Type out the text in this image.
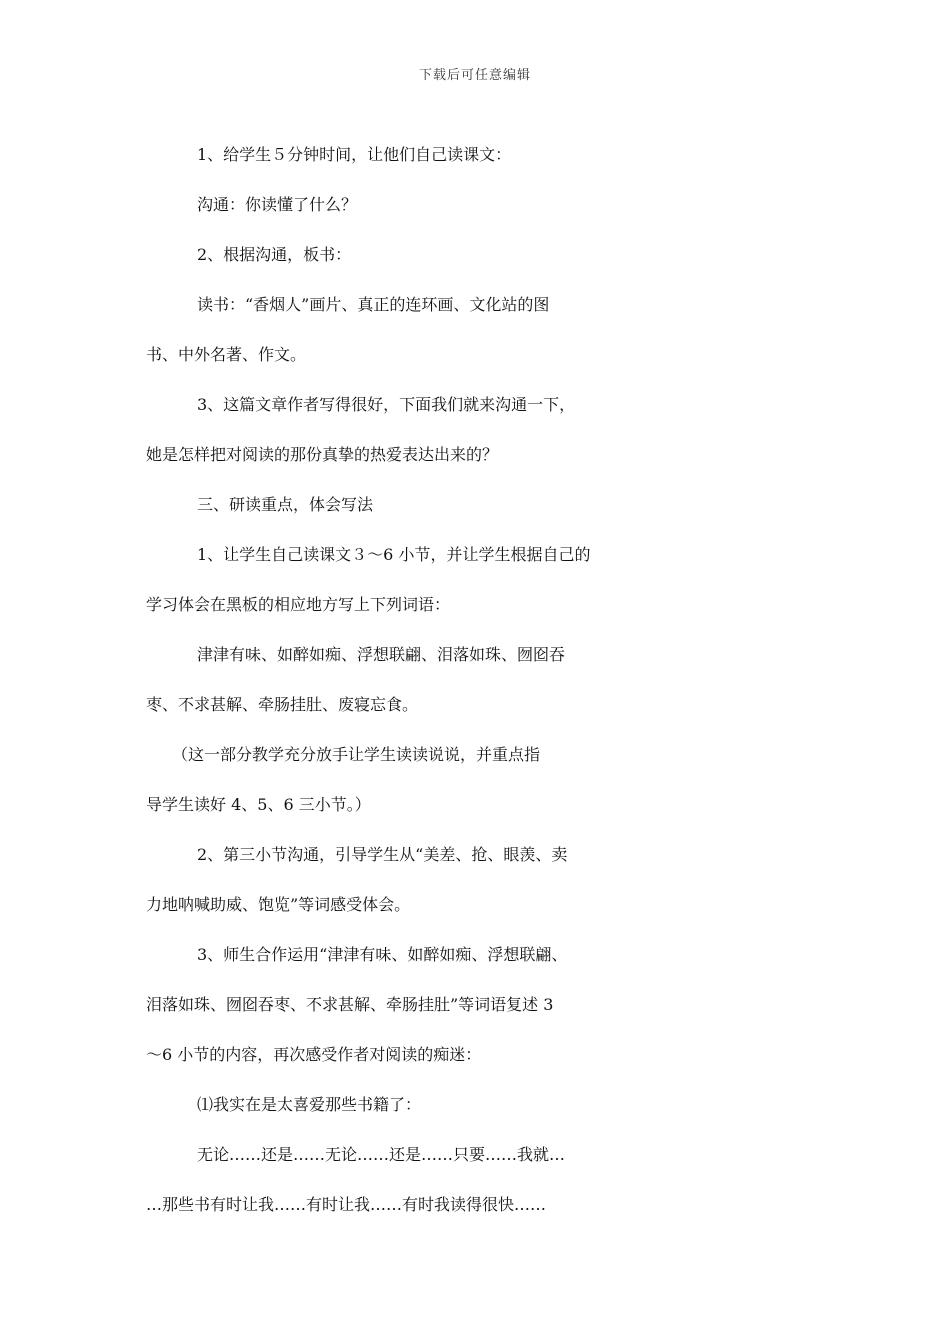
下载后可任意编辑
1、给学生５分钟时间，让他们自己读课文：
沟通：你读懂了什么？
2、根据沟通，板书：
读书：“香烟人”画片、真正的连环画、文化站的图
书、中外名著、作文。
3、这篇文章作者写得很好，下面我们就来沟通一下，
她是怎样把对阅读的那份真挚的热爱表达出来的？
三、研读重点，体会写法
1、让学生自己读课文３～6 小节，并让学生根据自己的
学习体会在黑板的相应地方写上下列词语：
津津有味、如醉如痴、浮想联翩、泪落如珠、囫囵吞
枣、不求甚解、牵肠挂肚、废寝忘食。
（这一部分教学充分放手让学生读读说说，并重点指
导学生读好 4、5、6 三小节。）
2、第三小节沟通，引导学生从“美差、抢、眼羡、卖
力地呐喊助威、饱览”等词感受体会。
3、师生合作运用“津津有味、如醉如痴、浮想联翩、
泪落如珠、囫囵吞枣、不求甚解、牵肠挂肚”等词语复述 3
～6 小节的内容，再次感受作者对阅读的痴迷：
⑴我实在是太喜爱那些书籍了：
无论……还是……无论……还是……只要……我就…
…那些书有时让我……有时让我……有时我读得很快……
